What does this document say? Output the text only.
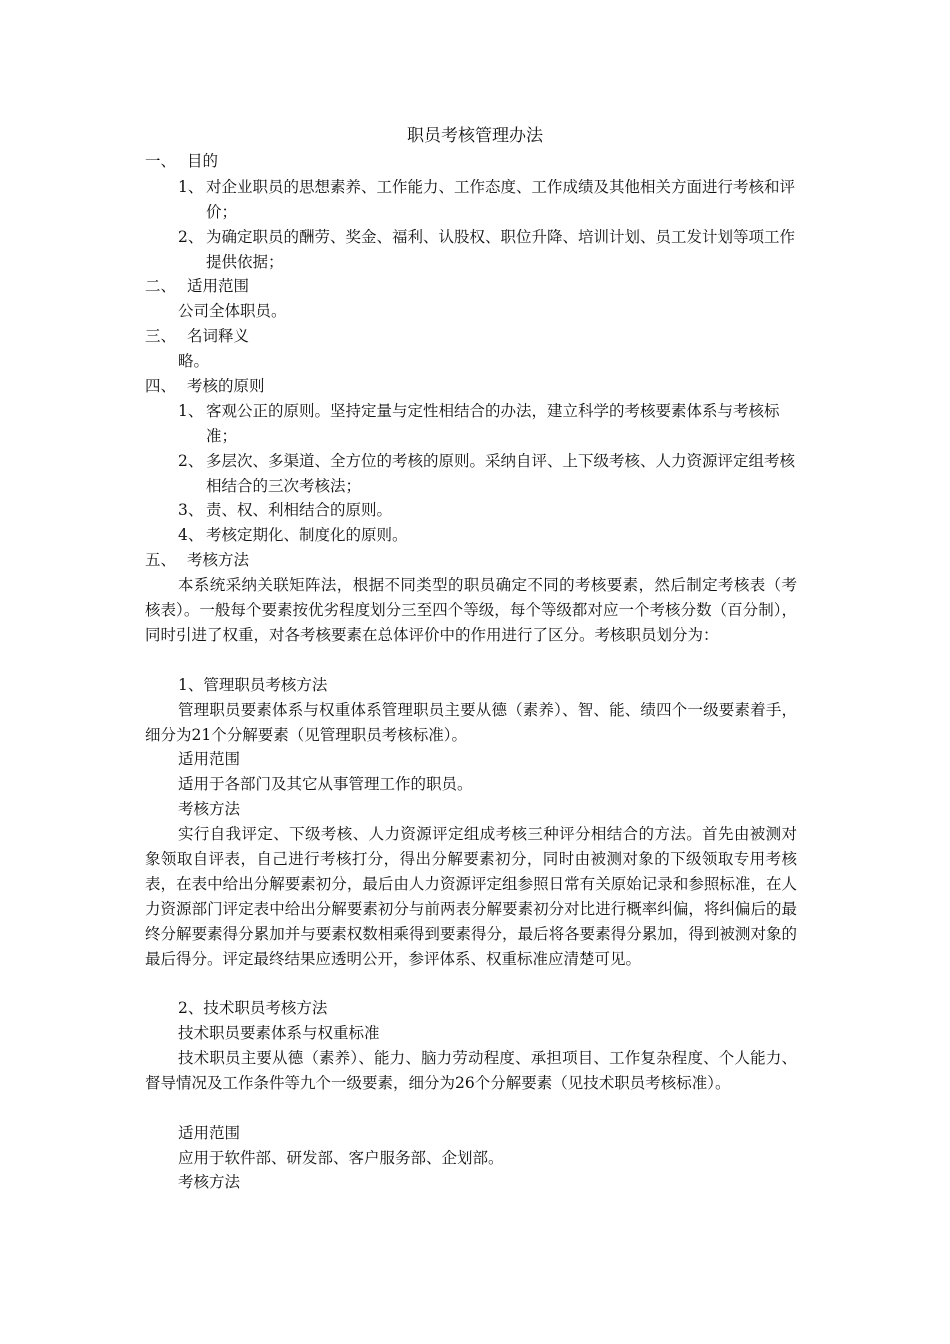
职员考核管理办法
一、 目的
1、 对企业职员的思想素养、工作能力、工作态度、工作成绩及其他相关方面进行考核和评价；
2、 为确定职员的酬劳、奖金、福利、认股权、职位升降、培训计划、员工发计划等项工作提供依据；
二、 适用范围
公司全体职员。
三、 名词释义
略。
四、 考核的原则
1、 客观公正的原则。坚持定量与定性相结合的办法，建立科学的考核要素体系与考核标准；
2、 多层次、多渠道、全方位的考核的原则。采纳自评、上下级考核、人力资源评定组考核相结合的三次考核法；
3、 责、权、利相结合的原则。
4、 考核定期化、制度化的原则。
五、 考核方法
本系统采纳关联矩阵法，根据不同类型的职员确定不同的考核要素，然后制定考核表（考核表）。一般每个要素按优劣程度划分三至四个等级，每个等级都对应一个考核分数（百分制），同时引进了权重，对各考核要素在总体评价中的作用进行了区分。考核职员划分为：
1、管理职员考核方法
管理职员要素体系与权重体系管理职员主要从德（素养）、智、能、绩四个一级要素着手，细分为21个分解要素（见管理职员考核标准）。
适用范围
适用于各部门及其它从事管理工作的职员。
考核方法
实行自我评定、下级考核、人力资源评定组成考核三种评分相结合的方法。首先由被测对象领取自评表，自己进行考核打分，得出分解要素初分，同时由被测对象的下级领取专用考核表，在表中给出分解要素初分，最后由人力资源评定组参照日常有关原始记录和参照标准，在人力资源部门评定表中给出分解要素初分与前两表分解要素初分对比进行概率纠偏，将纠偏后的最终分解要素得分累加并与要素权数相乘得到要素得分，最后将各要素得分累加，得到被测对象的最后得分。评定最终结果应透明公开，参评体系、权重标准应清楚可见。
2、技术职员考核方法
技术职员要素体系与权重标准
技术职员主要从德（素养）、能力、脑力劳动程度、承担项目、工作复杂程度、个人能力、督导情况及工作条件等九个一级要素，细分为26个分解要素（见技术职员考核标准）。
适用范围
应用于软件部、研发部、客户服务部、企划部。
考核方法
